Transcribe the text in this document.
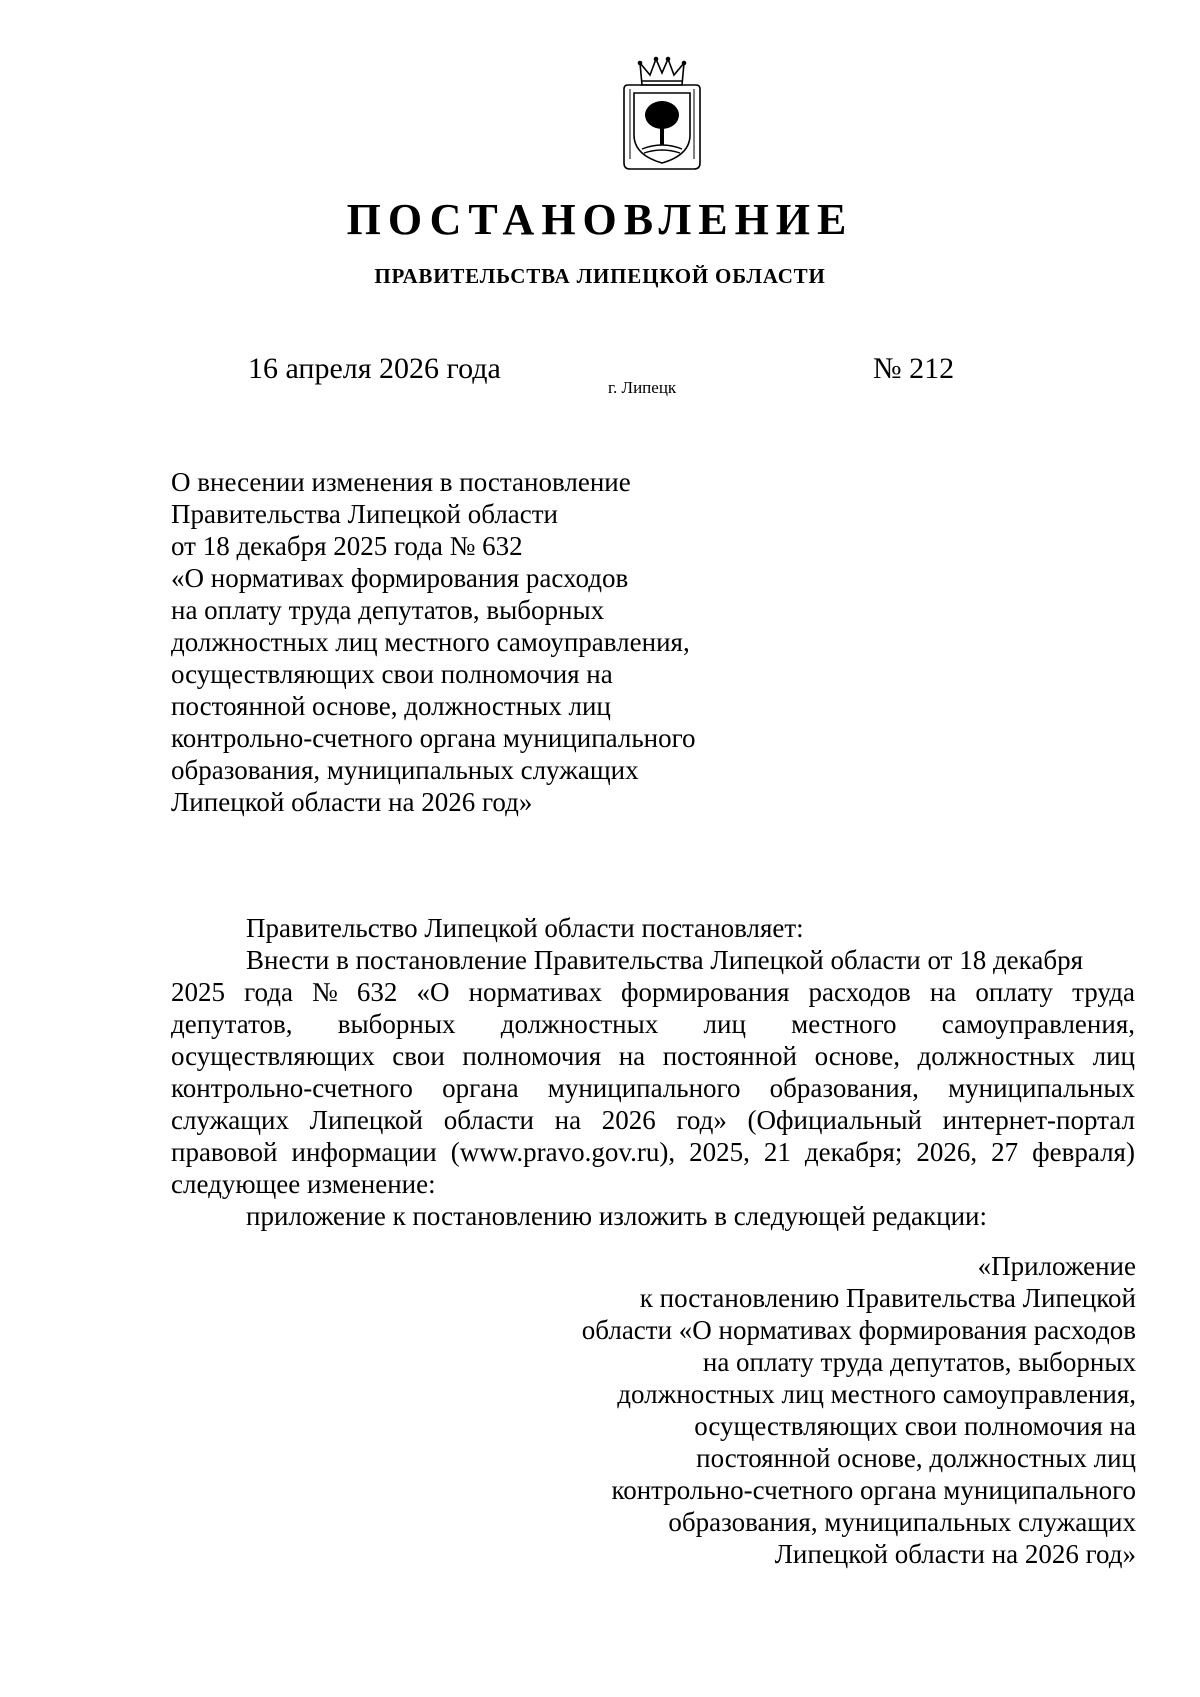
ПОСТАНОВЛЕНИЕ
ПРАВИТЕЛЬСТВА ЛИПЕЦКОЙ ОБЛАСТИ
16 апреля 2026 года
г. Липецк
№ 212
О внесении изменения в постановление
Правительства Липецкой области
от 18 декабря 2025 года № 632
«О нормативах формирования расходов
на оплату труда депутатов, выборных
должностных лиц местного самоуправления,
осуществляющих свои полномочия на
постоянной основе, должностных лиц
контрольно-счетного органа муниципального
образования, муниципальных служащих
Липецкой области на 2026 год»
Правительство Липецкой области постановляет:
Внести в постановление Правительства Липецкой области от 18 декабря
2025 года № 632 «О нормативах формирования расходов на оплату труда
депутатов, выборных должностных лиц местного самоуправления,
осуществляющих свои полномочия на постоянной основе, должностных лиц
контрольно-счетного органа муниципального образования, муниципальных
служащих Липецкой области на 2026 год» (Официальный интернет-портал
правовой информации (www.pravo.gov.ru), 2025, 21 декабря; 2026, 27 февраля)
следующее изменение:
приложение к постановлению изложить в следующей редакции:
«Приложение
к постановлению Правительства Липецкой
области «О нормативах формирования расходов
на оплату труда депутатов, выборных
должностных лиц местного самоуправления,
осуществляющих свои полномочия на
постоянной основе, должностных лиц
контрольно-счетного органа муниципального
образования, муниципальных служащих
Липецкой области на 2026 год»
